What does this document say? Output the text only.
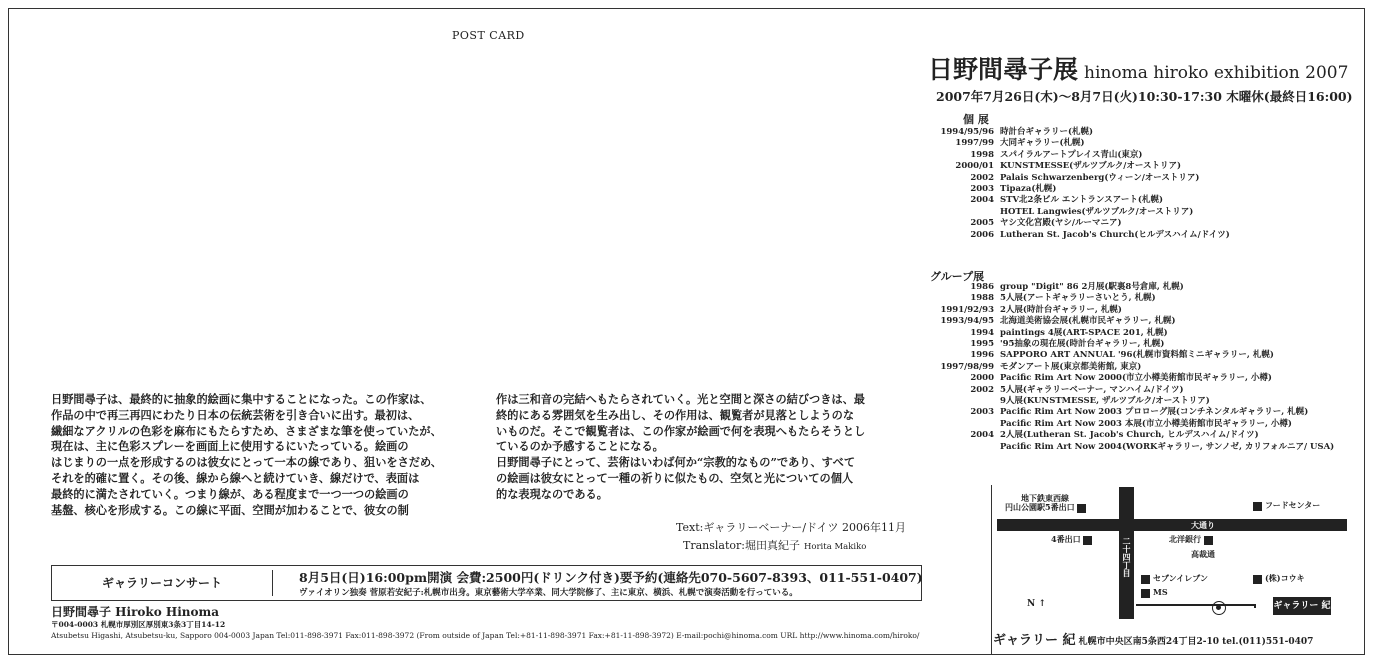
POST CARD
日野間尋子展 hinoma hiroko exhibition 2007
2007年7月26日(木)～8月7日(火)10:30-17:30 木曜休(最終日16:00)
個 展
1994/95/96 時計台ギャラリー(札幌)
1997/99 大同ギャラリー(札幌)
1998 スパイラルアートプレイス青山(東京)
2000/01 KUNSTMESSE(ザルツブルク/オーストリア)
2002 Palais Schwarzenberg(ウィーン/オーストリア)
2003 Tipaza(札幌)
2004 STV北2条ビル エントランスアート(札幌)
HOTEL Langwies(ザルツブルク/オーストリア)
2005 ヤシ文化宮殿(ヤシ/ルーマニア)
2006 Lutheran St. Jacob's Church(ヒルデスハイム/ドイツ)
グループ展
1986 group "Digit" 86 2月展(駅裏8号倉庫, 札幌)
1988 5人展(アートギャラリーさいとう, 札幌)
1991/92/93 2人展(時計台ギャラリー, 札幌)
1993/94/95 北海道美術協会展(札幌市民ギャラリー, 札幌)
1994 paintings 4展(ART-SPACE 201, 札幌)
1995 '95抽象の現在展(時計台ギャラリー, 札幌)
1996 SAPPORO ART ANNUAL '96(札幌市資料館ミニギャラリー, 札幌)
1997/98/99 モダンアート展(東京都美術館, 東京)
2000 Pacific Rim Art Now 2000(市立小樽美術館市民ギャラリー, 小樽)
2002 5人展(ギャラリーベーナー, マンハイム/ドイツ)
9人展(KUNSTMESSE, ザルツブルク/オーストリア)
2003 Pacific Rim Art Now 2003 プロローグ展(コンチネンタルギャラリー, 札幌)
Pacific Rim Art Now 2003 本展(市立小樽美術館市民ギャラリー, 小樽)
2004 2人展(Lutheran St. Jacob's Church, ヒルデスハイム/ドイツ)
Pacific Rim Art Now 2004(WORKギャラリー, サンノゼ, カリフォルニア/ USA)

日野間尋子は、最終的に抽象的絵画に集中することになった。この作家は、

作品の中で再三再四にわたり日本の伝統芸術を引き合いに出す。最初は、

繊細なアクリルの色彩を麻布にもたらすため、さまざまな筆を使っていたが、

現在は、主に色彩スプレーを画面上に使用するにいたっている。絵画の

はじまりの一点を形成するのは彼女にとって一本の線であり、狙いをさだめ、

それを的確に置く。その後、線から線へと続けていき、線だけで、表面は

最終的に満たされていく。つまり線が、ある程度まで一つ一つの絵画の

基盤、核心を形成する。この線に平面、空間が加わることで、彼女の制

作は三和音の完結へもたらされていく。光と空間と深さの結びつきは、最

終的にある雰囲気を生み出し、その作用は、観覧者が見落としようのな

いものだ。そこで観覧者は、この作家が絵画で何を表現へもたらそうとし

ているのか予感することになる。

日野間尋子にとって、芸術はいわば何か“宗教的なもの”であり、すべて

の絵画は彼女にとって一種の祈りに似たもの、空気と光についての個人

的な表現なのである。

Text:ギャラリーベーナー/ドイツ 2006年11月
Translator:堀田真紀子 Horita Makiko
ギャラリーコンサート	8月5日(日)16:00pm開演 会費:2500円(ドリンク付き)要予約(連絡先070-5607-8393、011-551-0407)
ヴァイオリン独奏 菅原若安紀子:札幌市出身。東京藝術大学卒業、同大学院修了、主に東京、横浜、札幌で演奏活動を行っている。
日野間尋子 Hiroko Hinoma
〒004-0003 札幌市厚別区厚別東3条3丁目14-12
Atsubetsu Higashi, Atsubetsu-ku, Sapporo 004-0003 Japan Tel:011-898-3971 Fax:011-898-3972 (From outside of Japan Tel:+81-11-898-3971 Fax:+81-11-898-3972) E-mail:pochi@hinoma.com URL http://www.hinoma.com/hiroko/
地下鉄東西線
円山公園駅5番出口	フードセンター
大通り
4番出口	北洋銀行
高裁通
二十四丁目
セブンイレブン
MS
(株)コウキ
N ↑	ギャラリー 紀
ギャラリー 紀 札幌市中央区南5条西24丁目2-10 tel.(011)551-0407
